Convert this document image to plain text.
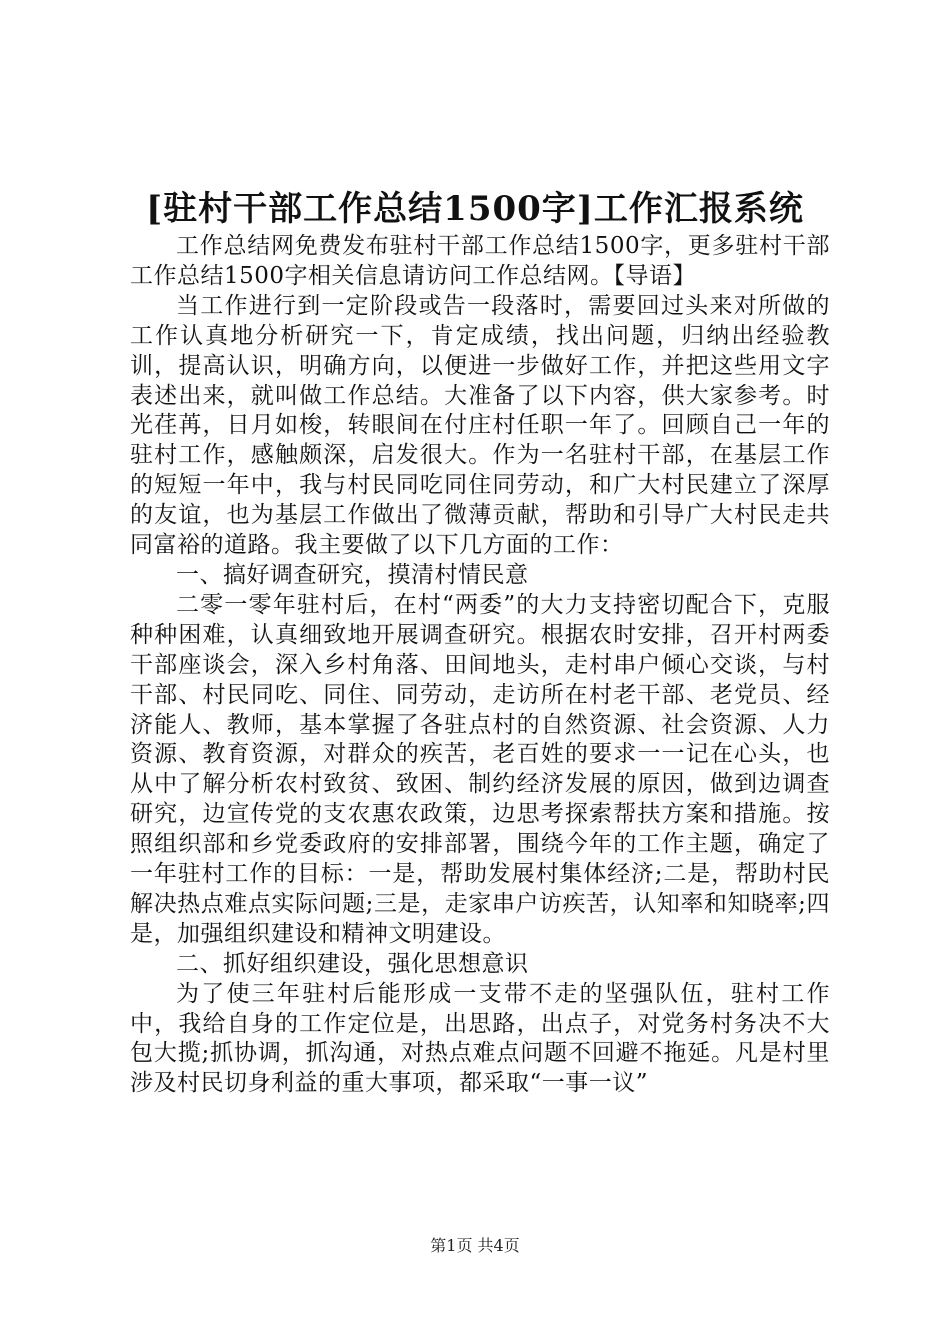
[驻村干部工作总结1500字]工作汇报系统

工作总结网免费发布驻村干部工作总结1500字，更多驻村干部工作总结1500字相关信息请访问工作总结网。【导语】

当工作进行到一定阶段或告一段落时，需要回过头来对所做的工作认真地分析研究一下，肯定成绩，找出问题，归纳出经验教训，提高认识，明确方向，以便进一步做好工作，并把这些用文字表述出来，就叫做工作总结。大准备了以下内容，供大家参考。时光荏苒，日月如梭，转眼间在付庄村任职一年了。回顾自己一年的驻村工作，感触颇深，启发很大。作为一名驻村干部，在基层工作的短短一年中，我与村民同吃同住同劳动，和广大村民建立了深厚的友谊，也为基层工作做出了微薄贡献，帮助和引导广大村民走共同富裕的道路。我主要做了以下几方面的工作：

一、搞好调查研究，摸清村情民意

二零一零年驻村后，在村“两委”的大力支持密切配合下，克服种种困难，认真细致地开展调查研究。根据农时安排，召开村两委干部座谈会，深入乡村角落、田间地头，走村串户倾心交谈，与村干部、村民同吃、同住、同劳动，走访所在村老干部、老党员、经济能人、教师，基本掌握了各驻点村的自然资源、社会资源、人力资源、教育资源，对群众的疾苦，老百姓的要求一一记在心头，也从中了解分析农村致贫、致困、制约经济发展的原因，做到边调查研究，边宣传党的支农惠农政策，边思考探索帮扶方案和措施。按照组织部和乡党委政府的安排部署，围绕今年的工作主题，确定了一年驻村工作的目标：一是，帮助发展村集体经济;二是，帮助村民解决热点难点实际问题;三是，走家串户访疾苦，认知率和知晓率;四是，加强组织建设和精神文明建设。

二、抓好组织建设，强化思想意识

为了使三年驻村后能形成一支带不走的坚强队伍，驻村工作中，我给自身的工作定位是，出思路，出点子，对党务村务决不大包大揽;抓协调，抓沟通，对热点难点问题不回避不拖延。凡是村里涉及村民切身利益的重大事项，都采取“一事一议”

第1页 共4页
